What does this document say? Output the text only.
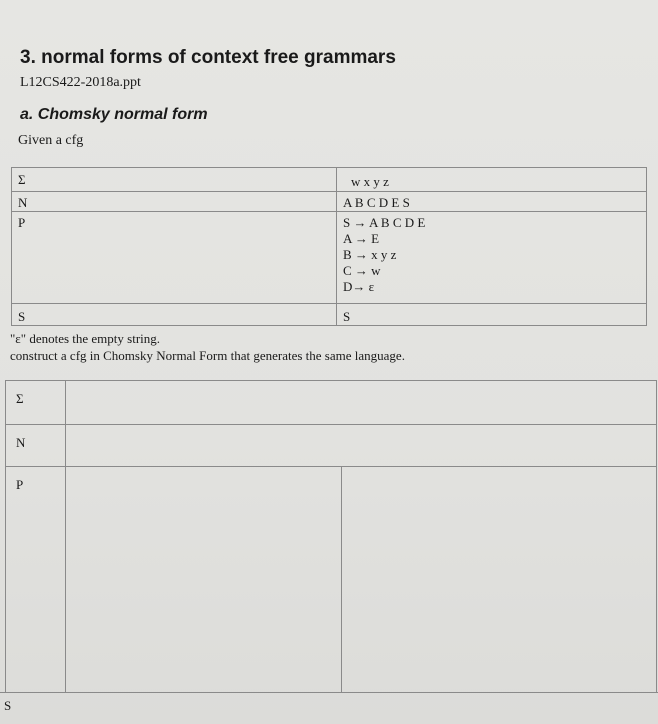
3. normal forms of context free grammars
L12CS422-2018a.ppt
a. Chomsky normal form
Given a cfg
Σ	w x y z
N	A B C D E S
P	S → A B C D E
A → E
B → x y z
C → w
D→ ε

S	S
"ε" denotes the empty string.
construct a cfg in Chomsky Normal Form that generates the same language.
Σ		
N		
P		
S
